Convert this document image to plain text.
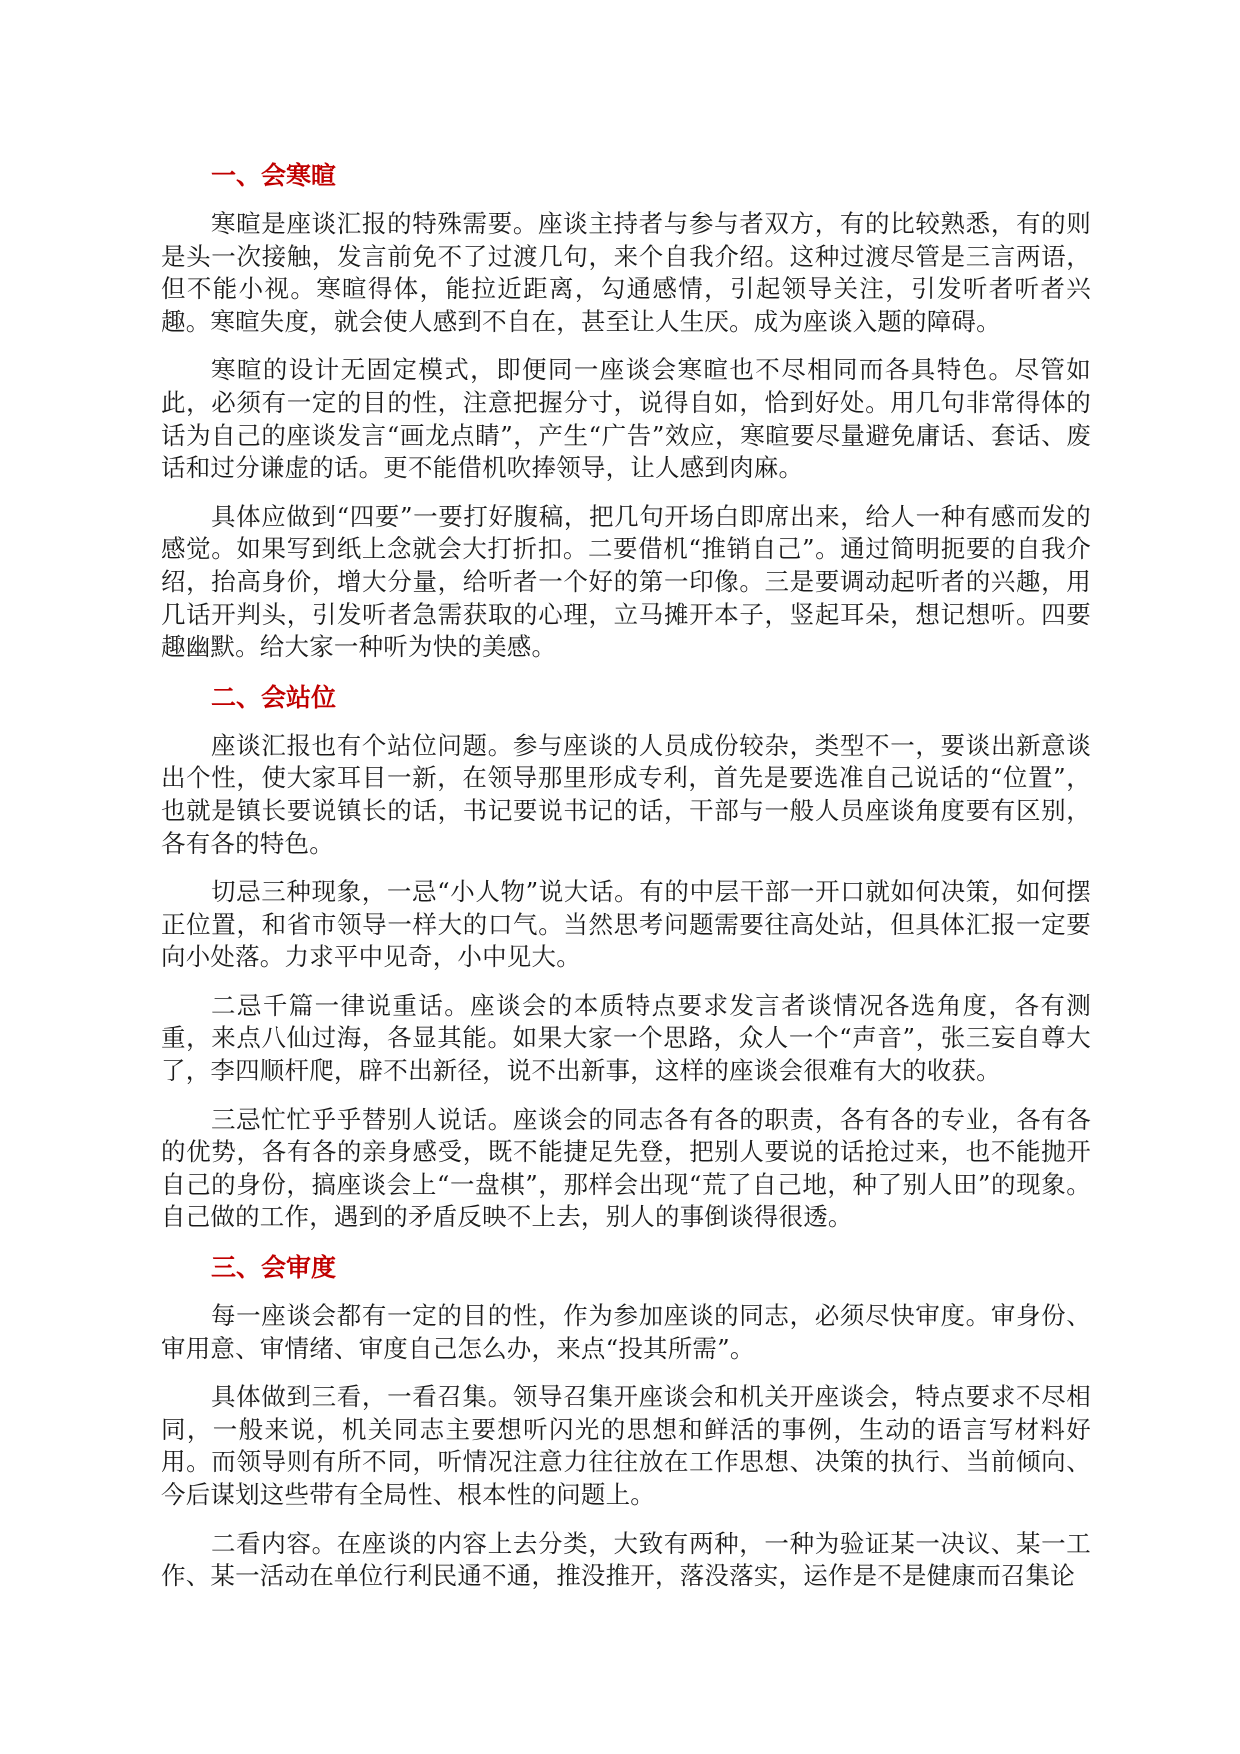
一、会寒暄

寒暄是座谈汇报的特殊需要。座谈主持者与参与者双方，有的比较熟悉，有的则是头一次接触，发言前免不了过渡几句，来个自我介绍。这种过渡尽管是三言两语，但不能小视。寒暄得体，能拉近距离，勾通感情，引起领导关注，引发听者听者兴趣。寒暄失度，就会使人感到不自在，甚至让人生厌。成为座谈入题的障碍。

寒暄的设计无固定模式，即便同一座谈会寒暄也不尽相同而各具特色。尽管如此，必须有一定的目的性，注意把握分寸，说得自如，恰到好处。用几句非常得体的话为自己的座谈发言“画龙点睛”，产生“广告”效应，寒暄要尽量避免庸话、套话、废话和过分谦虚的话。更不能借机吹捧领导，让人感到肉麻。

具体应做到“四要”一要打好腹稿，把几句开场白即席出来，给人一种有感而发的感觉。如果写到纸上念就会大打折扣。二要借机“推销自己”。通过简明扼要的自我介绍，抬高身价，增大分量，给听者一个好的第一印像。三是要调动起听者的兴趣，用几话开判头，引发听者急需获取的心理，立马摊开本子，竖起耳朵，想记想听。四要趣幽默。给大家一种听为快的美感。

二、会站位

座谈汇报也有个站位问题。参与座谈的人员成份较杂，类型不一，要谈出新意谈出个性，使大家耳目一新，在领导那里形成专利，首先是要选准自己说话的“位置”，也就是镇长要说镇长的话，书记要说书记的话，干部与一般人员座谈角度要有区别，各有各的特色。

切忌三种现象，一忌“小人物”说大话。有的中层干部一开口就如何决策，如何摆正位置，和省市领导一样大的口气。当然思考问题需要往高处站，但具体汇报一定要向小处落。力求平中见奇，小中见大。

二忌千篇一律说重话。座谈会的本质特点要求发言者谈情况各选角度，各有测重，来点八仙过海，各显其能。如果大家一个思路，众人一个“声音”，张三妄自尊大了，李四顺杆爬，辟不出新径，说不出新事，这样的座谈会很难有大的收获。

三忌忙忙乎乎替别人说话。座谈会的同志各有各的职责，各有各的专业，各有各的优势，各有各的亲身感受，既不能捷足先登，把别人要说的话抢过来，也不能抛开自己的身份，搞座谈会上“一盘棋”，那样会出现“荒了自己地，种了别人田”的现象。自己做的工作，遇到的矛盾反映不上去，别人的事倒谈得很透。

三、会审度

每一座谈会都有一定的目的性，作为参加座谈的同志，必须尽快审度。审身份、审用意、审情绪、审度自己怎么办，来点“投其所需”。

具体做到三看，一看召集。领导召集开座谈会和机关开座谈会，特点要求不尽相同，一般来说，机关同志主要想听闪光的思想和鲜活的事例，生动的语言写材料好用。而领导则有所不同，听情况注意力往往放在工作思想、决策的执行、当前倾向、今后谋划这些带有全局性、根本性的问题上。

二看内容。在座谈的内容上去分类，大致有两种，一种为验证某一决议、某一工作、某一活动在单位行利民通不通，推没推开，落没落实，运作是不是健康而召集论
